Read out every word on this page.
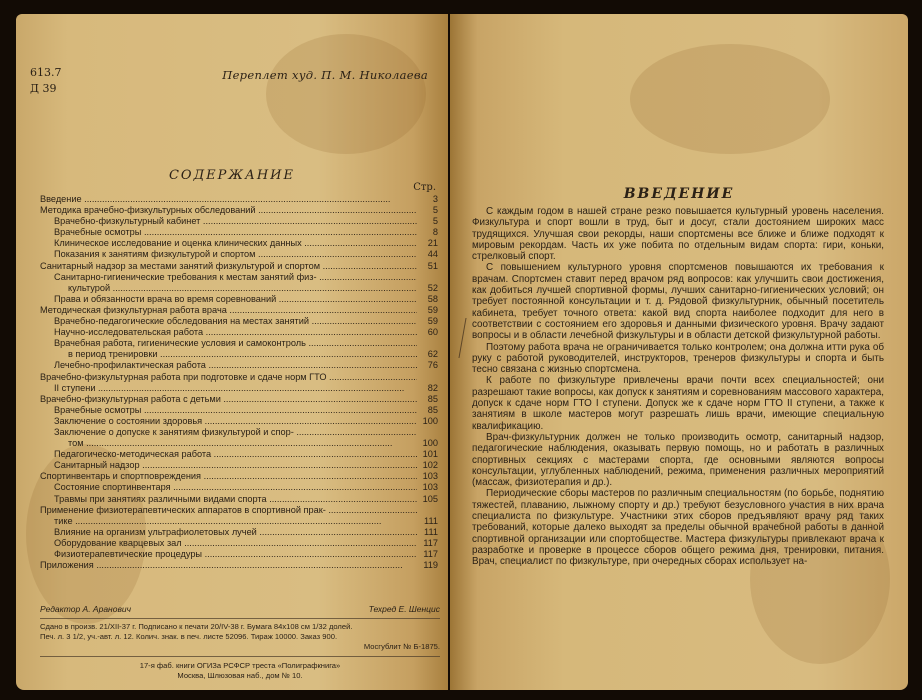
613.7
Д 39
Переплет худ. П. М. Николаева
СОДЕРЖАНИЕ
Стр.
Введение .....	3
Методика врачебно-физкультурных обследований .....	5
Врачебно-физкультурный кабинет .....	5
Врачебные осмотры .....	8
Клиническое исследование и оценка клинических данных .....	21
Показания к занятиям физкультурой и спортом .....	44
Санитарный надзор за местами занятий физкультурой и спортом .....	51
Санитарно-гигиенические требования к местам занятий физ- .....
культурой .....	52
Права и обязанности врача во время соревнований .....	58
Методическая физкультурная работа врача .....	59
Врачебно-педагогические обследования на местах занятий .....	59
Научно-исследовательская работа .....	60
Врачебная работа, гигиенические условия и самоконтроль .....
в период тренировки .....	62
Лечебно-профилактическая работа .....	76
Врачебно-физкультурная работа при подготовке и сдаче норм ГТО .....
II ступени .....	82
Врачебно-физкультурная работа с детьми .....	85
Врачебные осмотры .....	85
Заключение о состоянии здоровья .....	100
Заключение о допуске к занятиям физкультурой и спор- .....
том .....	100
Педагогическо-методическая работа .....	101
Санитарный надзор .....	102
Спортинвентарь и спортповреждения .....	103
Состояние спортинвентаря .....	103
Травмы при занятиях различными видами спорта .....	105
Применение физиотерапевтических аппаратов в спортивной прак- .....
тике .....	111
Влияние на организм ультрафиолетовых лучей .....	111
Оборудование кварцевых зал .....	117
Физиотерапевтические процедуры .....	117
Приложения .....	119
Редактор А. Аранович	Техред Е. Шенцис
Сдано в произв. 21/XII-37 г. Подписано к печати 20/IV-38 г. Бумага 84х108 см 1/32 долей.
Печ. л. 3 1/2, уч.-авт. л. 12. Колич. знак. в печ. листе 52096. Тираж 10000. Заказ 900.
Мосгублит № Б-1875.
17-я фаб. книги ОГИЗа РСФСР треста «Полиграфкнига»
Москва, Шлюзовая наб., дом № 10.
ВВЕДЕНИЕ

С каждым годом в нашей стране резко повышается культурный уровень населения. Физкультура и спорт вошли в труд, быт и досуг, стали достоянием широких масс трудящихся. Улучшая свои рекорды, наши спортсмены все ближе и ближе подходят к мировым рекордам. Часть их уже побита по отдельным видам спорта: гири, коньки, стрелковый спорт.

С повышением культурного уровня спортсменов повышаются их требования к врачам. Спортсмен ставит перед врачом ряд вопросов: как улучшить свои достижения, как добиться лучшей спортивной формы, лучших санитарно-гигиенических условий; он требует постоянной консультации и т. д. Рядовой физкультурник, обычный посетитель кабинета, требует точного ответа: какой вид спорта наиболее подходит для него в соответствии с состоянием его здоровья и данными физического уровня. Врачу задают вопросы и в области лечебной физкультуры и в области детской физкультурной работы.

Поэтому работа врача не ограничивается только контролем; она должна итти рука об руку с работой руководителей, инструкторов, тренеров физкультуры и спорта и быть тесно связана с жизнью спортсмена.

К работе по физкультуре привлечены врачи почти всех специальностей; они разрешают такие вопросы, как допуск к занятиям и соревнованиям массового характера, допуск к сдаче норм ГТО I ступени. Допуск же к сдаче норм ГТО II ступени, а также к занятиям в школе мастеров могут разрешать лишь врачи, имеющие специальную квалификацию.

Врач-физкультурник должен не только производить осмотр, санитарный надзор, педагогические наблюдения, оказывать первую помощь, но и работать в различных спортивных секциях с мастерами спорта, где основными являются вопросы консультации, углубленных наблюдений, режима, применения различных мероприятий (массаж, физиотерапия и др.).

Периодические сборы мастеров по различным специальностям (по борьбе, поднятию тяжестей, плаванию, лыжному спорту и др.) требуют безусловного участия в них врача специалиста по физкультуре. Участники этих сборов предъявляют врачу ряд таких требований, которые далеко выходят за пределы обычной врачебной работы в данной спортивной организации или спортобществе. Мастера физкультуры привлекают врача к разработке и проверке в процессе сборов общего режима дня, тренировки, питания. Врач, специалист по физкультуре, при очередных сборах использует на-
